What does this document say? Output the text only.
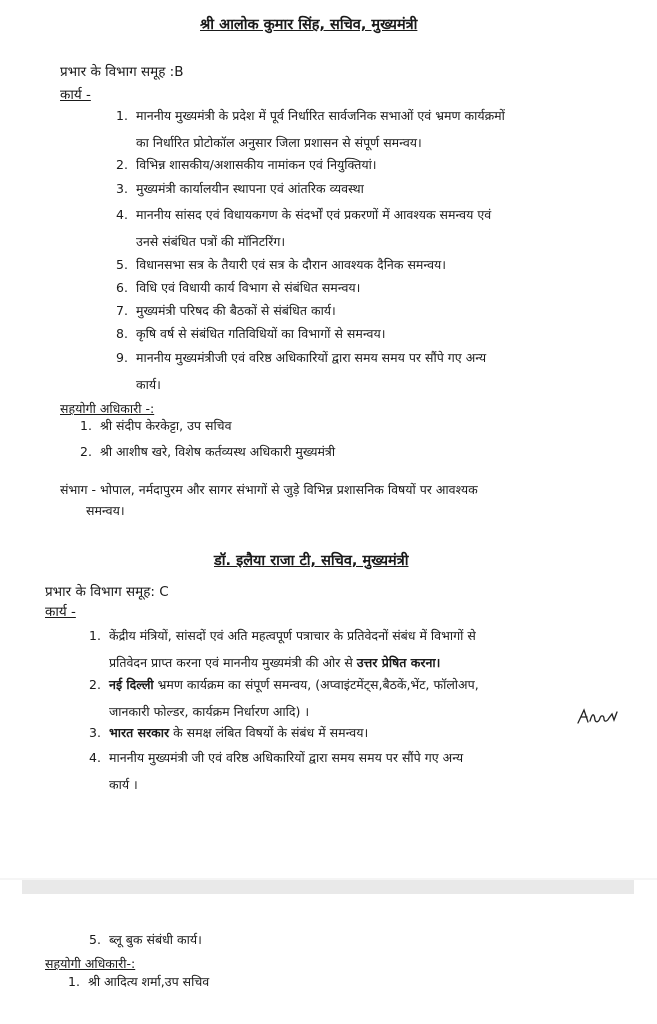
श्री आलोक कुमार सिंह, सचिव, मुख्यमंत्री
प्रभार के विभाग समूह :B
कार्य -
1. माननीय मुख्यमंत्री के प्रदेश में पूर्व निर्धारित सार्वजनिक सभाओं एवं भ्रमण कार्यक्रमों
का निर्धारित प्रोटोकॉल अनुसार जिला प्रशासन से संपूर्ण समन्वय।
2. विभिन्न शासकीय/अशासकीय नामांकन एवं नियुक्तियां।
3. मुख्यमंत्री कार्यालयीन स्थापना एवं आंतरिक व्यवस्था
4. माननीय सांसद एवं विधायकगण के संदर्भों एवं प्रकरणों में आवश्यक समन्वय एवं
उनसे संबंधित पत्रों की मॉनिटरिंग।
5. विधानसभा सत्र के तैयारी एवं सत्र के दौरान आवश्यक दैनिक समन्वय।
6. विधि एवं विधायी कार्य विभाग से संबंधित समन्वय।
7. मुख्यमंत्री परिषद की बैठकों से संबंधित कार्य।
8. कृषि वर्ष से संबंधित गतिविधियों का विभागों से समन्वय।
9. माननीय मुख्यमंत्रीजी एवं वरिष्ठ अधिकारियों द्वारा समय समय पर सौंपे गए अन्य
कार्य।
सहयोगी अधिकारी -:
1. श्री संदीप केरकेट्टा, उप सचिव
2. श्री आशीष खरे, विशेष कर्तव्यस्थ अधिकारी मुख्यमंत्री
संभाग - भोपाल, नर्मदापुरम और सागर संभागों से जुड़े विभिन्न प्रशासनिक विषयों पर आवश्यक
समन्वय।
डॉ. इलैया राजा टी, सचिव, मुख्यमंत्री
प्रभार के विभाग समूह: C
कार्य -
1. केंद्रीय मंत्रियों, सांसदों एवं अति महत्वपूर्ण पत्राचार के प्रतिवेदनों संबंध में विभागों से
प्रतिवेदन प्राप्त करना एवं माननीय मुख्यमंत्री की ओर से उत्तर प्रेषित करना।
2. नई दिल्ली भ्रमण कार्यक्रम का संपूर्ण समन्वय, (अप्वाइंटमेंट्स,बैठकें,भेंट, फॉलोअप,
जानकारी फोल्डर, कार्यक्रम निर्धारण आदि) ।
3. भारत सरकार के समक्ष लंबित विषयों के संबंध में समन्वय।
4. माननीय मुख्यमंत्री जी एवं वरिष्ठ अधिकारियों द्वारा समय समय पर सौंपे गए अन्य
कार्य ।
5. ब्लू बुक संबंधी कार्य।
सहयोगी अधिकारी-:
1. श्री आदित्य शर्मा,उप सचिव
